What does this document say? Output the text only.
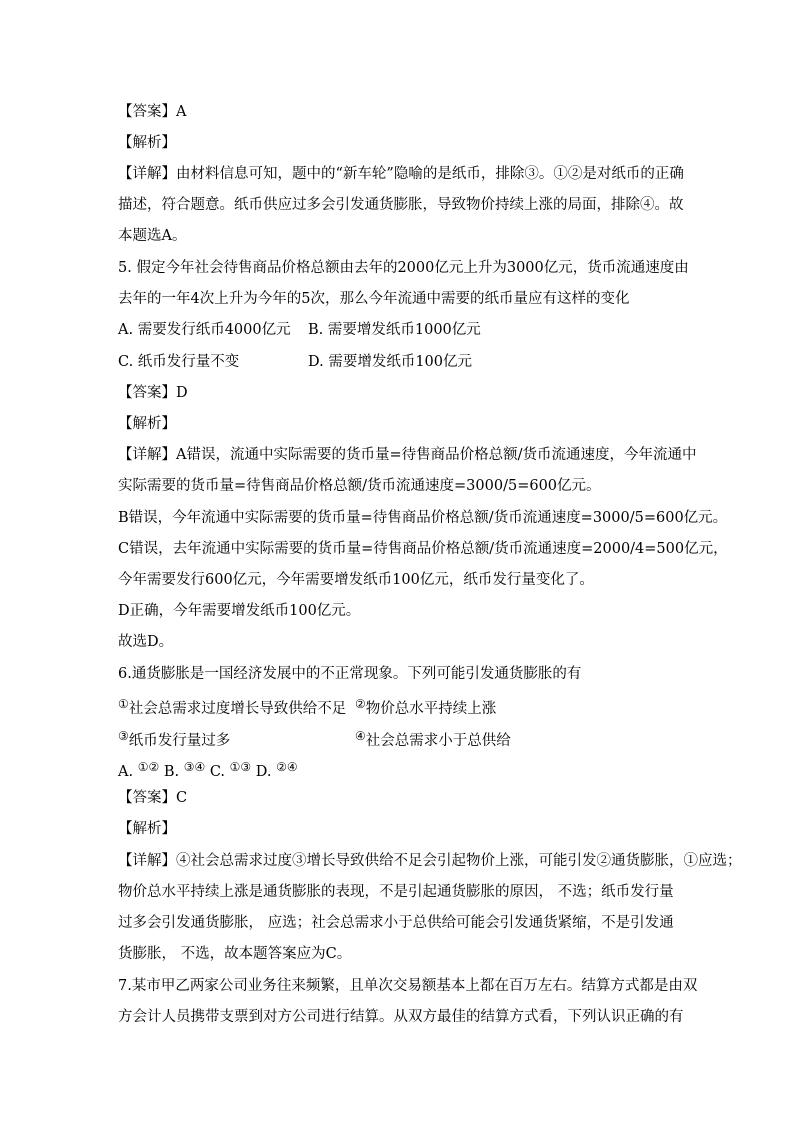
【答案】A
【解析】
【详解】由材料信息可知，题中的“新车轮”隐喻的是纸币，排除③。①②是对纸币的正确
描述，符合题意。纸币供应过多会引发通货膨胀，导致物价持续上涨的局面，排除④。故
本题选A。
5. 假定今年社会待售商品价格总额由去年的2000亿元上升为3000亿元，货币流通速度由
去年的一年4次上升为今年的5次，那么今年流通中需要的纸币量应有这样的变化
A. 需要发行纸币4000亿元 B. 需要增发纸币1000亿元
C. 纸币发行量不变	D. 需要增发纸币100亿元
【答案】D
【解析】
【详解】A错误，流通中实际需要的货币量=待售商品价格总额/货币流通速度，今年流通中
实际需要的货币量=待售商品价格总额/货币流通速度=3000/5=600亿元。
B错误，今年流通中实际需要的货币量=待售商品价格总额/货币流通速度=3000/5=600亿元。
C错误，去年流通中实际需要的货币量=待售商品价格总额/货币流通速度=2000/4=500亿元，
今年需要发行600亿元，今年需要增发纸币100亿元，纸币发行量变化了。
D正确，今年需要增发纸币100亿元。
故选D。
6.通货膨胀是一国经济发展中的不正常现象。下列可能引发通货膨胀的有
①社会总需求过度增长导致供给不足 ②物价总水平持续上涨
③纸币发行量过多	④社会总需求小于总供给
A. ①② B. ③④ C. ①③ D. ②④
【答案】C
【解析】
【详解】④社会总需求过度③增长导致供给不足会引起物价上涨，可能引发②通货膨胀，①应选；
物价总水平持续上涨是通货膨胀的表现，不是引起通货膨胀的原因， 不选；纸币发行量
过多会引发通货膨胀， 应选；社会总需求小于总供给可能会引发通货紧缩，不是引发通
货膨胀， 不选，故本题答案应为C。
7.某市甲乙两家公司业务往来频繁，且单次交易额基本上都在百万左右。结算方式都是由双
方会计人员携带支票到对方公司进行结算。从双方最佳的结算方式看，下列认识正确的有
